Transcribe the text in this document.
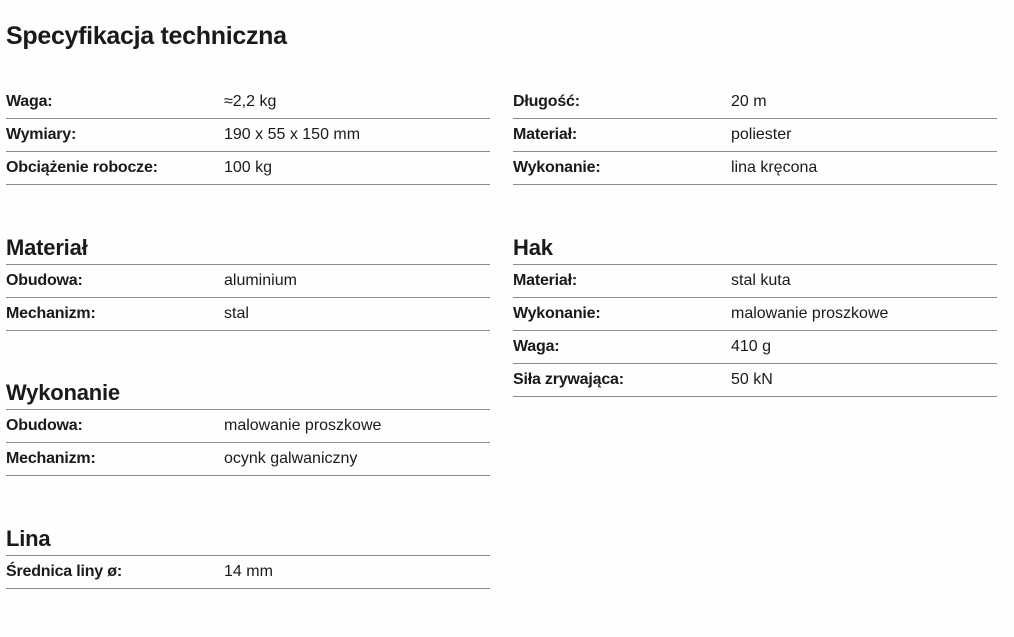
Specyfikacja techniczna
Waga:	≈2,2 kg
Wymiary:	190 x 55 x 150 mm
Obciążenie robocze:	100 kg
Materiał
Obudowa:	aluminium
Mechanizm:	stal
Wykonanie
Obudowa:	malowanie proszkowe
Mechanizm:	ocynk galwaniczny
Lina
Średnica liny ø:	14 mm
Długość:	20 m
Materiał:	poliester
Wykonanie:	lina kręcona
Hak
Materiał:	stal kuta
Wykonanie:	malowanie proszkowe
Waga:	410 g
Siła zrywająca:	50 kN
